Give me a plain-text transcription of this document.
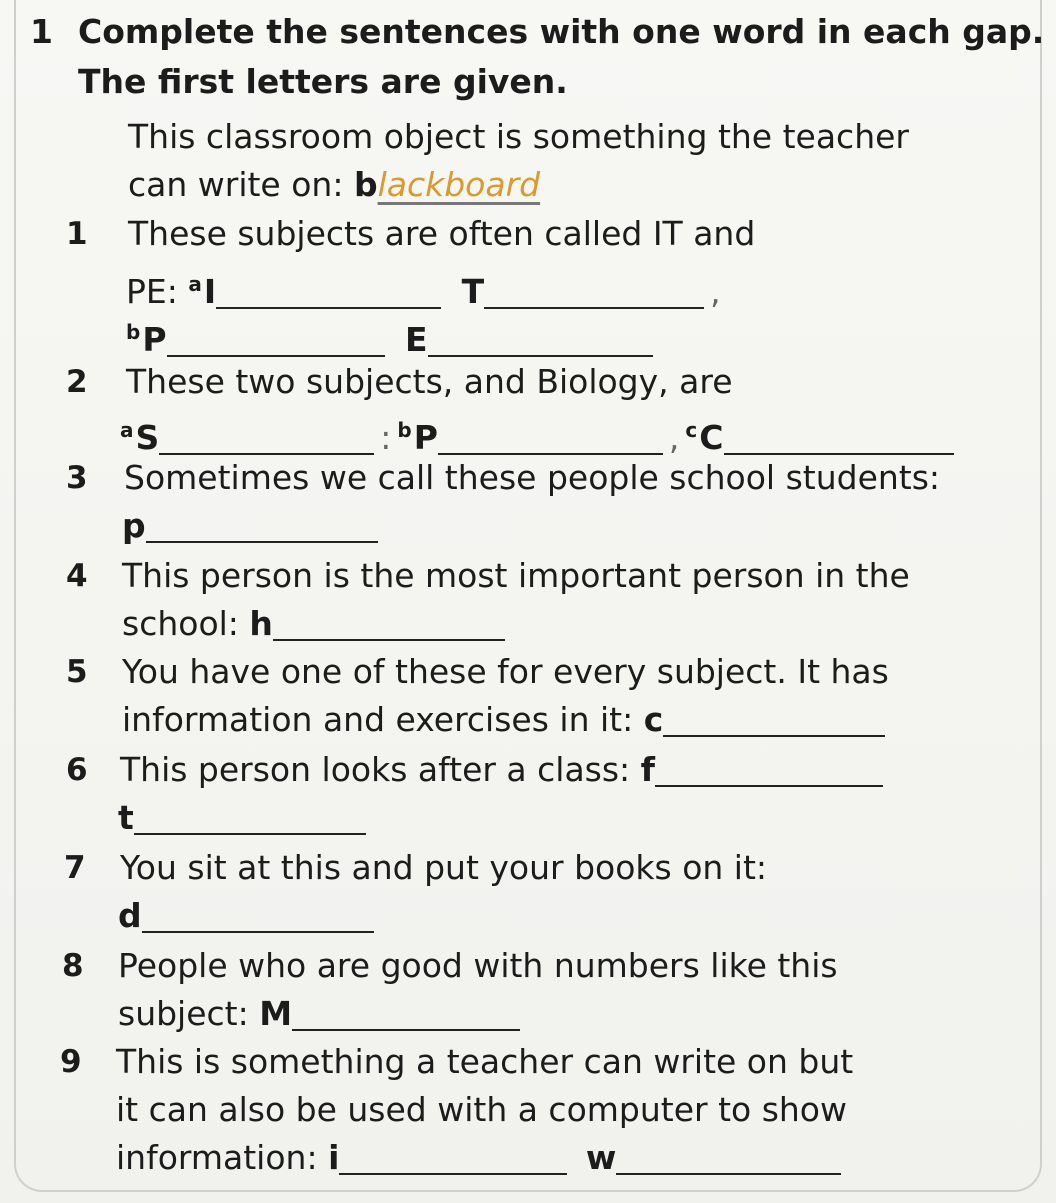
1 Complete the sentences with one word in each gap.
The first letters are given.
This classroom object is something the teacher
can write on: blackboard
1 These subjects are often called IT and
PE: $^a$I	T	,
$^b$P	E
2 These two subjects, and Biology, are
$^a$S	: $^b$P	, $^c$C
3 Sometimes we call these people school students:
p
4 This person is the most important person in the
school: h
5 You have one of these for every subject. It has
information and exercises in it: c
6 This person looks after a class: f
t
7 You sit at this and put your books on it:
d
8 People who are good with numbers like this
subject: M
9 This is something a teacher can write on but
it can also be used with a computer to show
information: i	w
